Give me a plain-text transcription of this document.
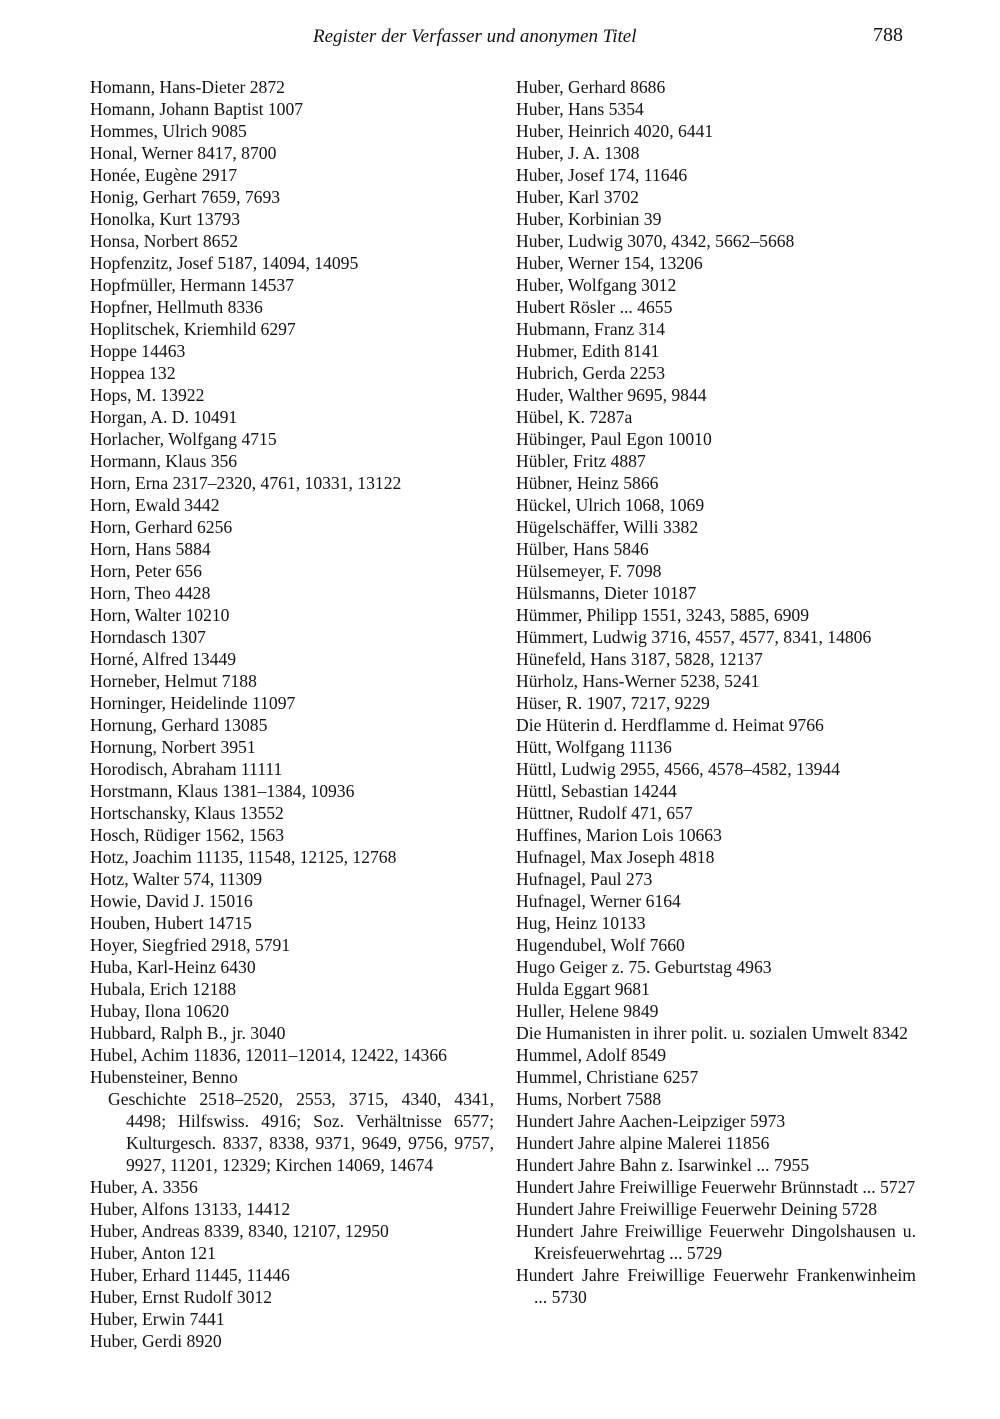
Register der Verfasser und anonymen Titel	788
Homann, Hans-Dieter 2872
Homann, Johann Baptist 1007
Hommes, Ulrich 9085
Honal, Werner 8417, 8700
Honée, Eugène 2917
Honig, Gerhart 7659, 7693
Honolka, Kurt 13793
Honsa, Norbert 8652
Hopfenzitz, Josef 5187, 14094, 14095
Hopfmüller, Hermann 14537
Hopfner, Hellmuth 8336
Hoplitschek, Kriemhild 6297
Hoppe 14463
Hoppea 132
Hops, M. 13922
Horgan, A. D. 10491
Horlacher, Wolfgang 4715
Hormann, Klaus 356
Horn, Erna 2317–2320, 4761, 10331, 13122
Horn, Ewald 3442
Horn, Gerhard 6256
Horn, Hans 5884
Horn, Peter 656
Horn, Theo 4428
Horn, Walter 10210
Horndasch 1307
Horné, Alfred 13449
Horneber, Helmut 7188
Horninger, Heidelinde 11097
Hornung, Gerhard 13085
Hornung, Norbert 3951
Horodisch, Abraham 11111
Horstmann, Klaus 1381–1384, 10936
Hortschansky, Klaus 13552
Hosch, Rüdiger 1562, 1563
Hotz, Joachim 11135, 11548, 12125, 12768
Hotz, Walter 574, 11309
Howie, David J. 15016
Houben, Hubert 14715
Hoyer, Siegfried 2918, 5791
Huba, Karl-Heinz 6430
Hubala, Erich 12188
Hubay, Ilona 10620
Hubbard, Ralph B., jr. 3040
Hubel, Achim 11836, 12011–12014, 12422, 14366
Hubensteiner, Benno
Geschichte 2518–2520, 2553, 3715, 4340, 4341, 4498; Hilfswiss. 4916; Soz. Verhältnisse 6577; Kulturgesch. 8337, 8338, 9371, 9649, 9756, 9757, 9927, 11201, 12329; Kirchen 14069, 14674
Huber, A. 3356
Huber, Alfons 13133, 14412
Huber, Andreas 8339, 8340, 12107, 12950
Huber, Anton 121
Huber, Erhard 11445, 11446
Huber, Ernst Rudolf 3012
Huber, Erwin 7441
Huber, Gerdi 8920
Huber, Gerhard 8686
Huber, Hans 5354
Huber, Heinrich 4020, 6441
Huber, J. A. 1308
Huber, Josef 174, 11646
Huber, Karl 3702
Huber, Korbinian 39
Huber, Ludwig 3070, 4342, 5662–5668
Huber, Werner 154, 13206
Huber, Wolfgang 3012
Hubert Rösler ... 4655
Hubmann, Franz 314
Hubmer, Edith 8141
Hubrich, Gerda 2253
Huder, Walther 9695, 9844
Hübel, K. 7287a
Hübinger, Paul Egon 10010
Hübler, Fritz 4887
Hübner, Heinz 5866
Hückel, Ulrich 1068, 1069
Hügelschäffer, Willi 3382
Hülber, Hans 5846
Hülsemeyer, F. 7098
Hülsmanns, Dieter 10187
Hümmer, Philipp 1551, 3243, 5885, 6909
Hümmert, Ludwig 3716, 4557, 4577, 8341, 14806
Hünefeld, Hans 3187, 5828, 12137
Hürholz, Hans-Werner 5238, 5241
Hüser, R. 1907, 7217, 9229
Die Hüterin d. Herdflamme d. Heimat 9766
Hütt, Wolfgang 11136
Hüttl, Ludwig 2955, 4566, 4578–4582, 13944
Hüttl, Sebastian 14244
Hüttner, Rudolf 471, 657
Huffines, Marion Lois 10663
Hufnagel, Max Joseph 4818
Hufnagel, Paul 273
Hufnagel, Werner 6164
Hug, Heinz 10133
Hugendubel, Wolf 7660
Hugo Geiger z. 75. Geburtstag 4963
Hulda Eggart 9681
Huller, Helene 9849
Die Humanisten in ihrer polit. u. sozialen Umwelt 8342
Hummel, Adolf 8549
Hummel, Christiane 6257
Hums, Norbert 7588
Hundert Jahre Aachen-Leipziger 5973
Hundert Jahre alpine Malerei 11856
Hundert Jahre Bahn z. Isarwinkel ... 7955
Hundert Jahre Freiwillige Feuerwehr Brünnstadt ... 5727
Hundert Jahre Freiwillige Feuerwehr Deining 5728
Hundert Jahre Freiwillige Feuerwehr Dingolshausen u. Kreisfeuerwehrtag ... 5729
Hundert Jahre Freiwillige Feuerwehr Frankenwinheim ... 5730
